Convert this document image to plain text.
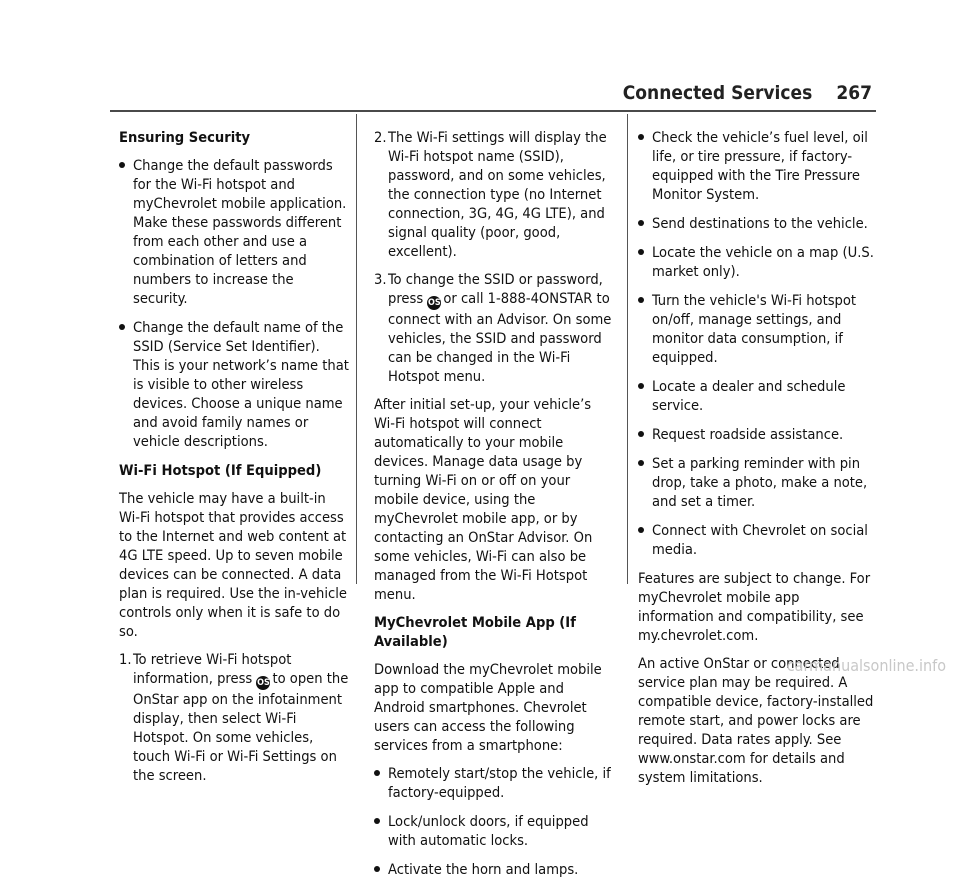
Connected Services 267
Ensuring Security
Change the default passwords for the Wi-Fi hotspot and myChevrolet mobile application. Make these passwords different from each other and use a combination of letters and numbers to increase the security.
Change the default name of the SSID (Service Set Identifier). This is your network’s name that is visible to other wireless devices. Choose a unique name and avoid family names or vehicle descriptions.
Wi-Fi Hotspot (If Equipped)

The vehicle may have a built-in Wi-Fi hotspot that provides access to the Internet and web content at 4G LTE speed. Up to seven mobile devices can be connected. A data plan is required. Use the in-vehicle controls only when it is safe to do so.

1. To retrieve Wi-Fi hotspot information, press OS to open the OnStar app on the infotainment display, then select Wi-Fi Hotspot. On some vehicles, touch Wi-Fi or Wi-Fi Settings on the screen.
2. The Wi-Fi settings will display the Wi-Fi hotspot name (SSID), password, and on some vehicles, the connection type (no Internet connection, 3G, 4G, 4G LTE), and signal quality (poor, good, excellent).
3. To change the SSID or password, press OS or call 1-888-4ONSTAR to connect with an Advisor. On some vehicles, the SSID and password can be changed in the Wi-Fi Hotspot menu.

After initial set-up, your vehicle’s Wi-Fi hotspot will connect automatically to your mobile devices. Manage data usage by turning Wi-Fi on or off on your mobile device, using the myChevrolet mobile app, or by contacting an OnStar Advisor. On some vehicles, Wi-Fi can also be managed from the Wi-Fi Hotspot menu.

MyChevrolet Mobile App (If Available)

Download the myChevrolet mobile app to compatible Apple and Android smartphones. Chevrolet users can access the following services from a smartphone:

Remotely start/stop the vehicle, if factory-equipped.
Lock/unlock doors, if equipped with automatic locks.
Activate the horn and lamps.
Check the vehicle’s fuel level, oil life, or tire pressure, if factory-equipped with the Tire Pressure Monitor System.
Send destinations to the vehicle.
Locate the vehicle on a map (U.S. market only).
Turn the vehicle's Wi-Fi hotspot on/off, manage settings, and monitor data consumption, if equipped.
Locate a dealer and schedule service.
Request roadside assistance.
Set a parking reminder with pin drop, take a photo, make a note, and set a timer.
Connect with Chevrolet on social media.

Features are subject to change. For myChevrolet mobile app information and compatibility, see my.chevrolet.com.

An active OnStar or connected service plan may be required. A compatible device, factory-installed remote start, and power locks are required. Data rates apply. See www.onstar.com for details and system limitations.

carmanualsonline.info
